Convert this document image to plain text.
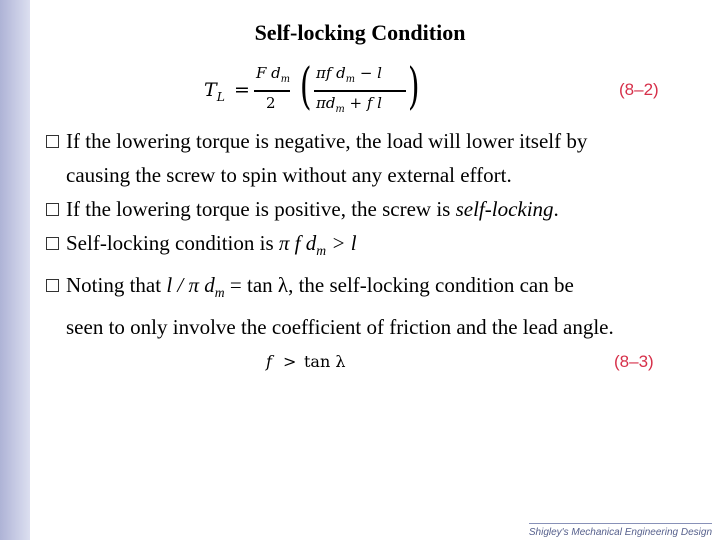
Self-locking Condition
$T_L$ =
F $d_m$
2 ( πf $d_m - l$
$\pi d_m + f$ l )	(8–2)
If the lowering torque is negative, the load will lower itself by
causing the screw to spin without any external effort.
If the lowering torque is positive, the screw is self-locking.
Self-locking condition is π f $d_m > l$
Noting that l / π $d_m = \tan \lambda$, the self-locking condition can be
seen to only involve the coefficient of friction and the lead angle.
f > tan λ	(8–3)
Shigley's Mechanical Engineering Design
